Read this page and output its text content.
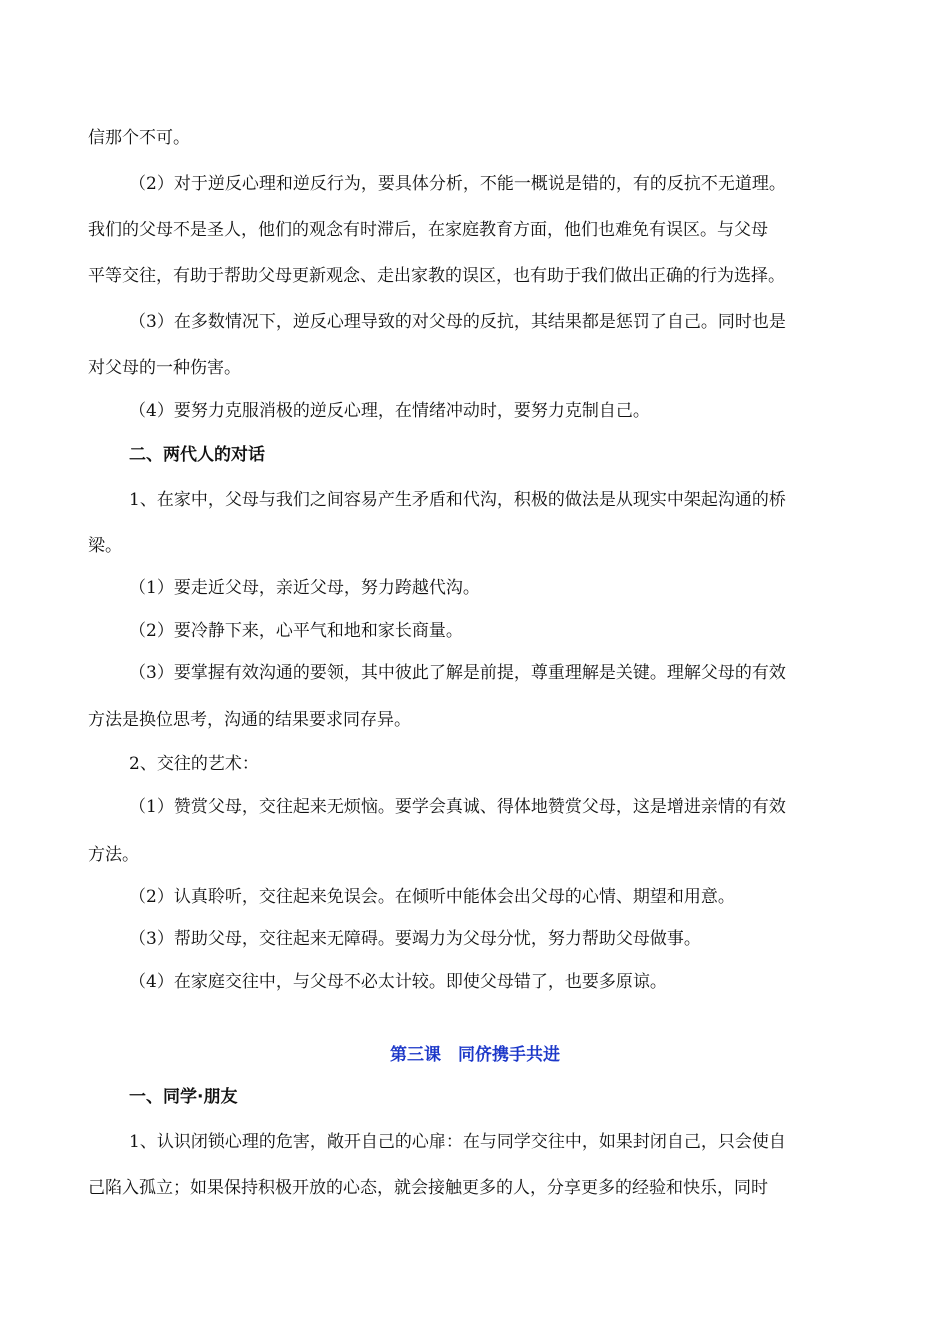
信那个不可。
（2）对于逆反心理和逆反行为，要具体分析，不能一概说是错的，有的反抗不无道理。
我们的父母不是圣人，他们的观念有时滞后，在家庭教育方面，他们也难免有误区。与父母
平等交往，有助于帮助父母更新观念、走出家教的误区，也有助于我们做出正确的行为选择。
（3）在多数情况下，逆反心理导致的对父母的反抗，其结果都是惩罚了自己。同时也是
对父母的一种伤害。
（4）要努力克服消极的逆反心理，在情绪冲动时，要努力克制自己。
二、两代人的对话
1、在家中，父母与我们之间容易产生矛盾和代沟，积极的做法是从现实中架起沟通的桥
梁。
（1）要走近父母，亲近父母，努力跨越代沟。
（2）要冷静下来，心平气和地和家长商量。
（3）要掌握有效沟通的要领，其中彼此了解是前提，尊重理解是关键。理解父母的有效
方法是换位思考，沟通的结果要求同存异。
2、交往的艺术：
（1）赞赏父母，交往起来无烦恼。要学会真诚、得体地赞赏父母，这是增进亲情的有效
方法。
（2）认真聆听，交往起来免误会。在倾听中能体会出父母的心情、期望和用意。
（3）帮助父母，交往起来无障碍。要竭力为父母分忧，努力帮助父母做事。
（4）在家庭交往中，与父母不必太计较。即使父母错了，也要多原谅。
第三课　同侪携手共进
一、同学·朋友
1、认识闭锁心理的危害，敞开自己的心扉：在与同学交往中，如果封闭自己，只会使自
己陷入孤立；如果保持积极开放的心态，就会接触更多的人，分享更多的经验和快乐，同时
